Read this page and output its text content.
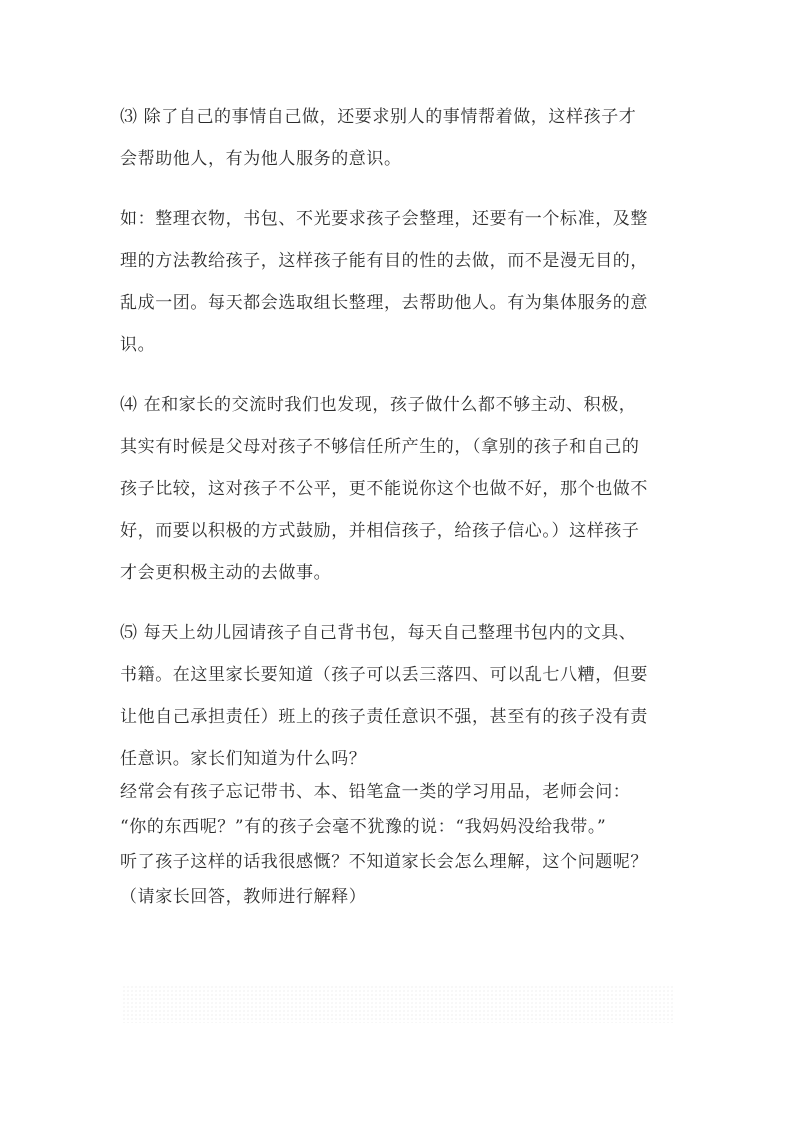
⑶ 除了自己的事情自己做，还要求别人的事情帮着做，这样孩子才
会帮助他人，有为他人服务的意识。
如：整理衣物，书包、不光要求孩子会整理，还要有一个标准，及整
理的方法教给孩子，这样孩子能有目的性的去做，而不是漫无目的，
乱成一团。每天都会选取组长整理，去帮助他人。有为集体服务的意
识。
⑷ 在和家长的交流时我们也发现，孩子做什么都不够主动、积极，
其实有时候是父母对孩子不够信任所产生的，（拿别的孩子和自己的
孩子比较，这对孩子不公平，更不能说你这个也做不好，那个也做不
好，而要以积极的方式鼓励，并相信孩子，给孩子信心。）这样孩子
才会更积极主动的去做事。
⑸ 每天上幼儿园请孩子自己背书包，每天自己整理书包内的文具、
书籍。在这里家长要知道（孩子可以丢三落四、可以乱七八糟，但要
让他自己承担责任）班上的孩子责任意识不强，甚至有的孩子没有责
任意识。家长们知道为什么吗？
经常会有孩子忘记带书、本、铅笔盒一类的学习用品，老师会问：
“你的东西呢？”有的孩子会毫不犹豫的说：“我妈妈没给我带。”
听了孩子这样的话我很感慨？不知道家长会怎么理解，这个问题呢？
（请家长回答，教师进行解释）
